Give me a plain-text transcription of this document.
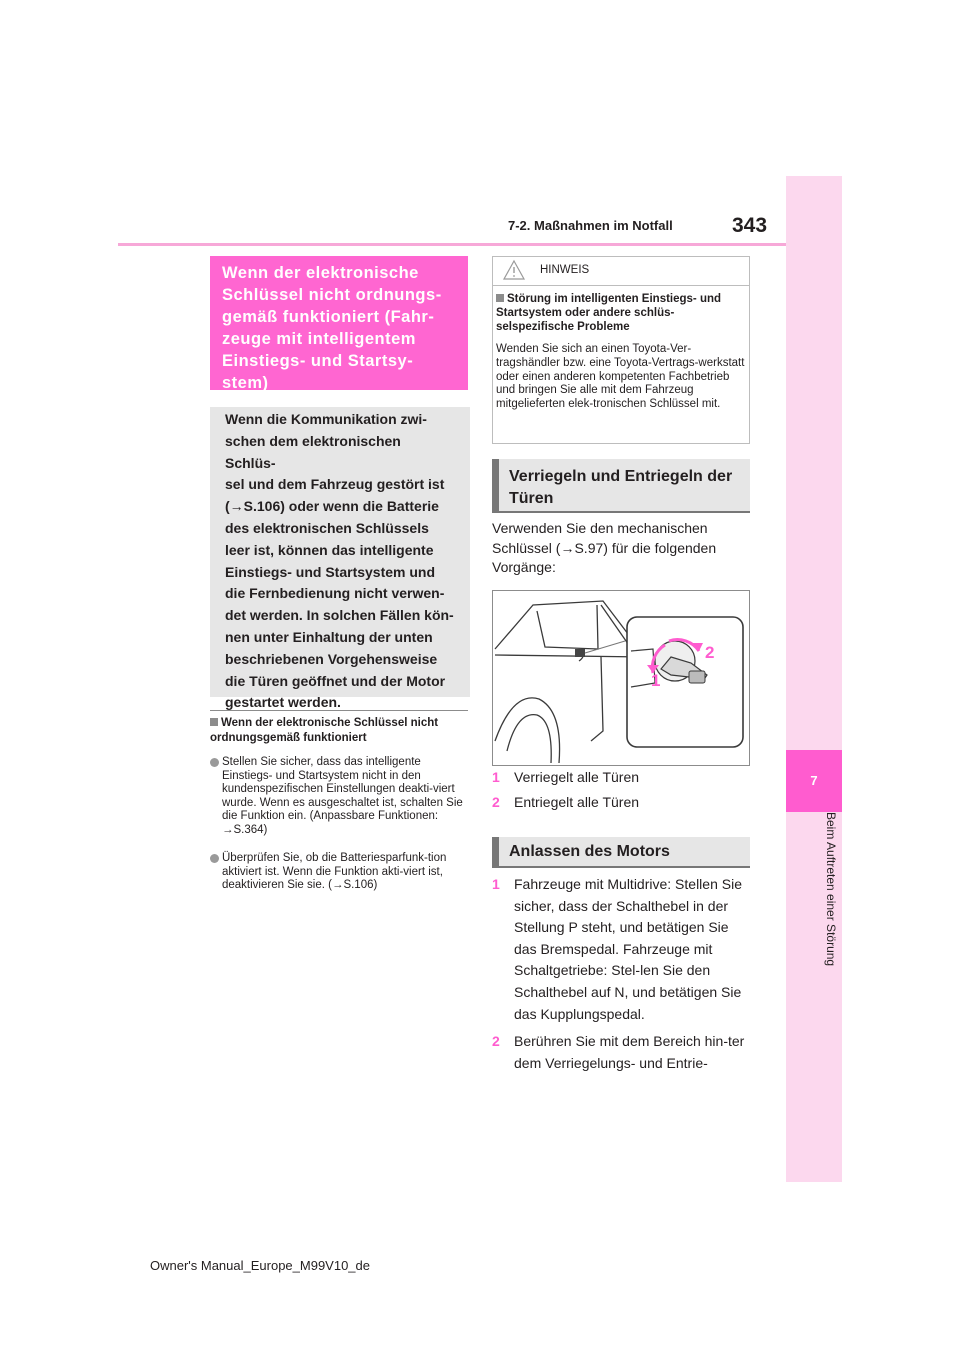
7-2. Maßnahmen im Notfall	343
7
Beim Auftreten einer Störung
Wenn der elektronische
Schlüssel nicht ordnungs-
gemäß funktioniert (Fahr-
zeuge mit intelligentem
Einstiegs- und Startsy-
stem)

Wenn die Kommunikation zwi-

schen dem elektronischen Schlüs-

sel und dem Fahrzeug gestört ist

(→S.106) oder wenn die Batterie

des elektronischen Schlüssels

leer ist, können das intelligente

Einstiegs- und Startsystem und

die Fernbedienung nicht verwen-

det werden. In solchen Fällen kön-

nen unter Einhaltung der unten

beschriebenen Vorgehensweise

die Türen geöffnet und der Motor

gestartet werden.

Wenn der elektronische Schlüssel nicht ordnungsgemäß funktioniert
Stellen Sie sicher, dass das intelligente Einstiegs- und Startsystem nicht in den kundenspezifischen Einstellungen deakti-viert wurde. Wenn es ausgeschaltet ist, schalten Sie die Funktion ein. (Anpassbare Funktionen: →S.364)
Überprüfen Sie, ob die Batteriesparfunk-tion aktiviert ist. Wenn die Funktion akti-viert ist, deaktivieren Sie sie. (→S.106)
HINWEIS
Störung im intelligenten Einstiegs- und Startsystem oder andere schlüs-selspezifische Probleme
Wenden Sie sich an einen Toyota-Ver-tragshändler bzw. eine Toyota-Vertrags-werkstatt oder einen anderen kompetenten Fachbetrieb und bringen Sie alle mit dem Fahrzeug mitgelieferten elek-tronischen Schlüssel mit.
Verriegeln und Entriegeln der Türen
Verwenden Sie den mechanischen Schlüssel (→S.97) für die folgenden Vorgänge:
2
1
1 Verriegelt alle Türen
2 Entriegelt alle Türen
Anlassen des Motors
1 Fahrzeuge mit Multidrive: Stellen Sie sicher, dass der Schalthebel in der Stellung P steht, und betätigen Sie das Bremspedal. Fahrzeuge mit Schaltgetriebe: Stel-len Sie den Schalthebel auf N, und betätigen Sie das Kupplungspedal.
2 Berühren Sie mit dem Bereich hin-ter dem Verriegelungs- und Entrie-
Owner's Manual_Europe_M99V10_de
